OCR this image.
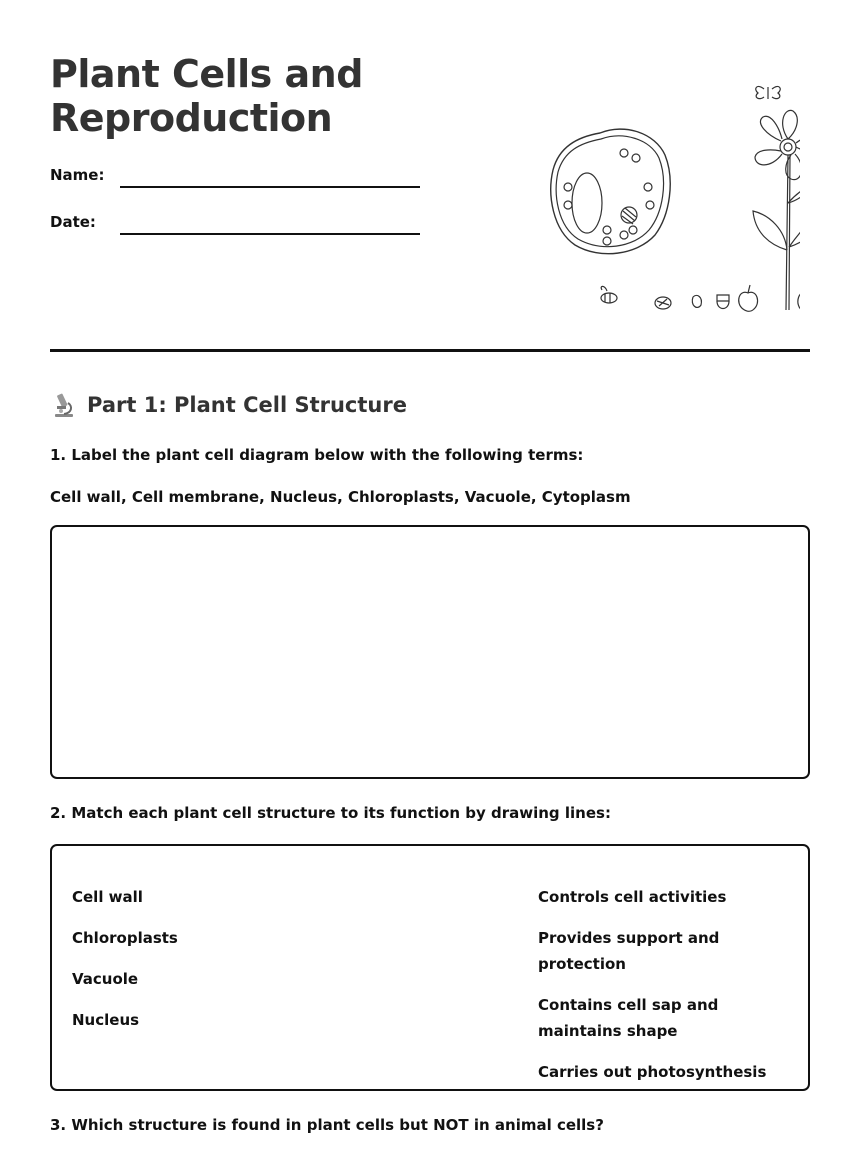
Plant Cells and
Reproduction
Name:
Date:
Part 1: Plant Cell Structure
1. Label the plant cell diagram below with the following terms:
Cell wall, Cell membrane, Nucleus, Chloroplasts, Vacuole, Cytoplasm
2. Match each plant cell structure to its function by drawing lines:
Cell wall
Chloroplasts
Vacuole
Nucleus
Controls cell activities
Provides support and protection
Contains cell sap and maintains shape
Carries out photosynthesis
3. Which structure is found in plant cells but NOT in animal cells?
